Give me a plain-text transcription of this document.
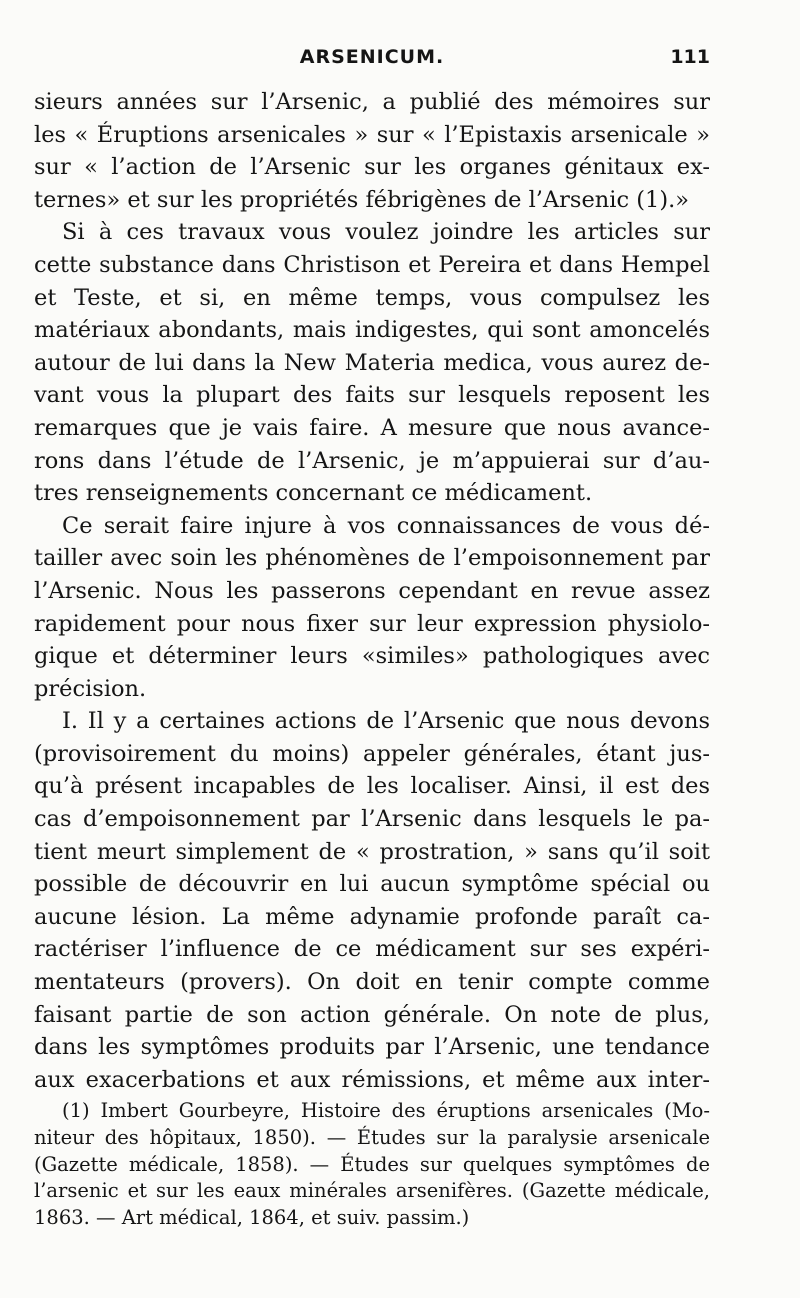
ARSENICUM.	111
sieurs années sur l’Arsenic, a publié des mémoires sur
les « Éruptions arsenicales » sur « l’Epistaxis arsenicale »
sur « l’action de l’Arsenic sur les organes génitaux ex-
ternes» et sur les propriétés fébrigènes de l’Arsenic (1).»
Si à ces travaux vous voulez joindre les articles sur
cette substance dans Christison et Pereira et dans Hempel
et Teste, et si, en même temps, vous compulsez les
matériaux abondants, mais indigestes, qui sont amoncelés
autour de lui dans la New Materia medica, vous aurez de-
vant vous la plupart des faits sur lesquels reposent les
remarques que je vais faire. A mesure que nous avance-
rons dans l’étude de l’Arsenic, je m’appuierai sur d’au-
tres renseignements concernant ce médicament.
Ce serait faire injure à vos connaissances de vous dé-
tailler avec soin les phénomènes de l’empoisonnement par
l’Arsenic. Nous les passerons cependant en revue assez
rapidement pour nous fixer sur leur expression physiolo-
gique et déterminer leurs «similes» pathologiques avec
précision.
I. Il y a certaines actions de l’Arsenic que nous devons
(provisoirement du moins) appeler générales, étant jus-
qu’à présent incapables de les localiser. Ainsi, il est des
cas d’empoisonnement par l’Arsenic dans lesquels le pa-
tient meurt simplement de « prostration, » sans qu’il soit
possible de découvrir en lui aucun symptôme spécial ou
aucune lésion. La même adynamie profonde paraît ca-
ractériser l’influence de ce médicament sur ses expéri-
mentateurs (provers). On doit en tenir compte comme
faisant partie de son action générale. On note de plus,
dans les symptômes produits par l’Arsenic, une tendance
aux exacerbations et aux rémissions, et même aux inter-
(1) Imbert Gourbeyre, Histoire des éruptions arsenicales (Mo-
niteur des hôpitaux, 1850). — Études sur la paralysie arsenicale
(Gazette médicale, 1858). — Études sur quelques symptômes de
l’arsenic et sur les eaux minérales arsenifères. (Gazette médicale,
1863. — Art médical, 1864, et suiv. passim.)
